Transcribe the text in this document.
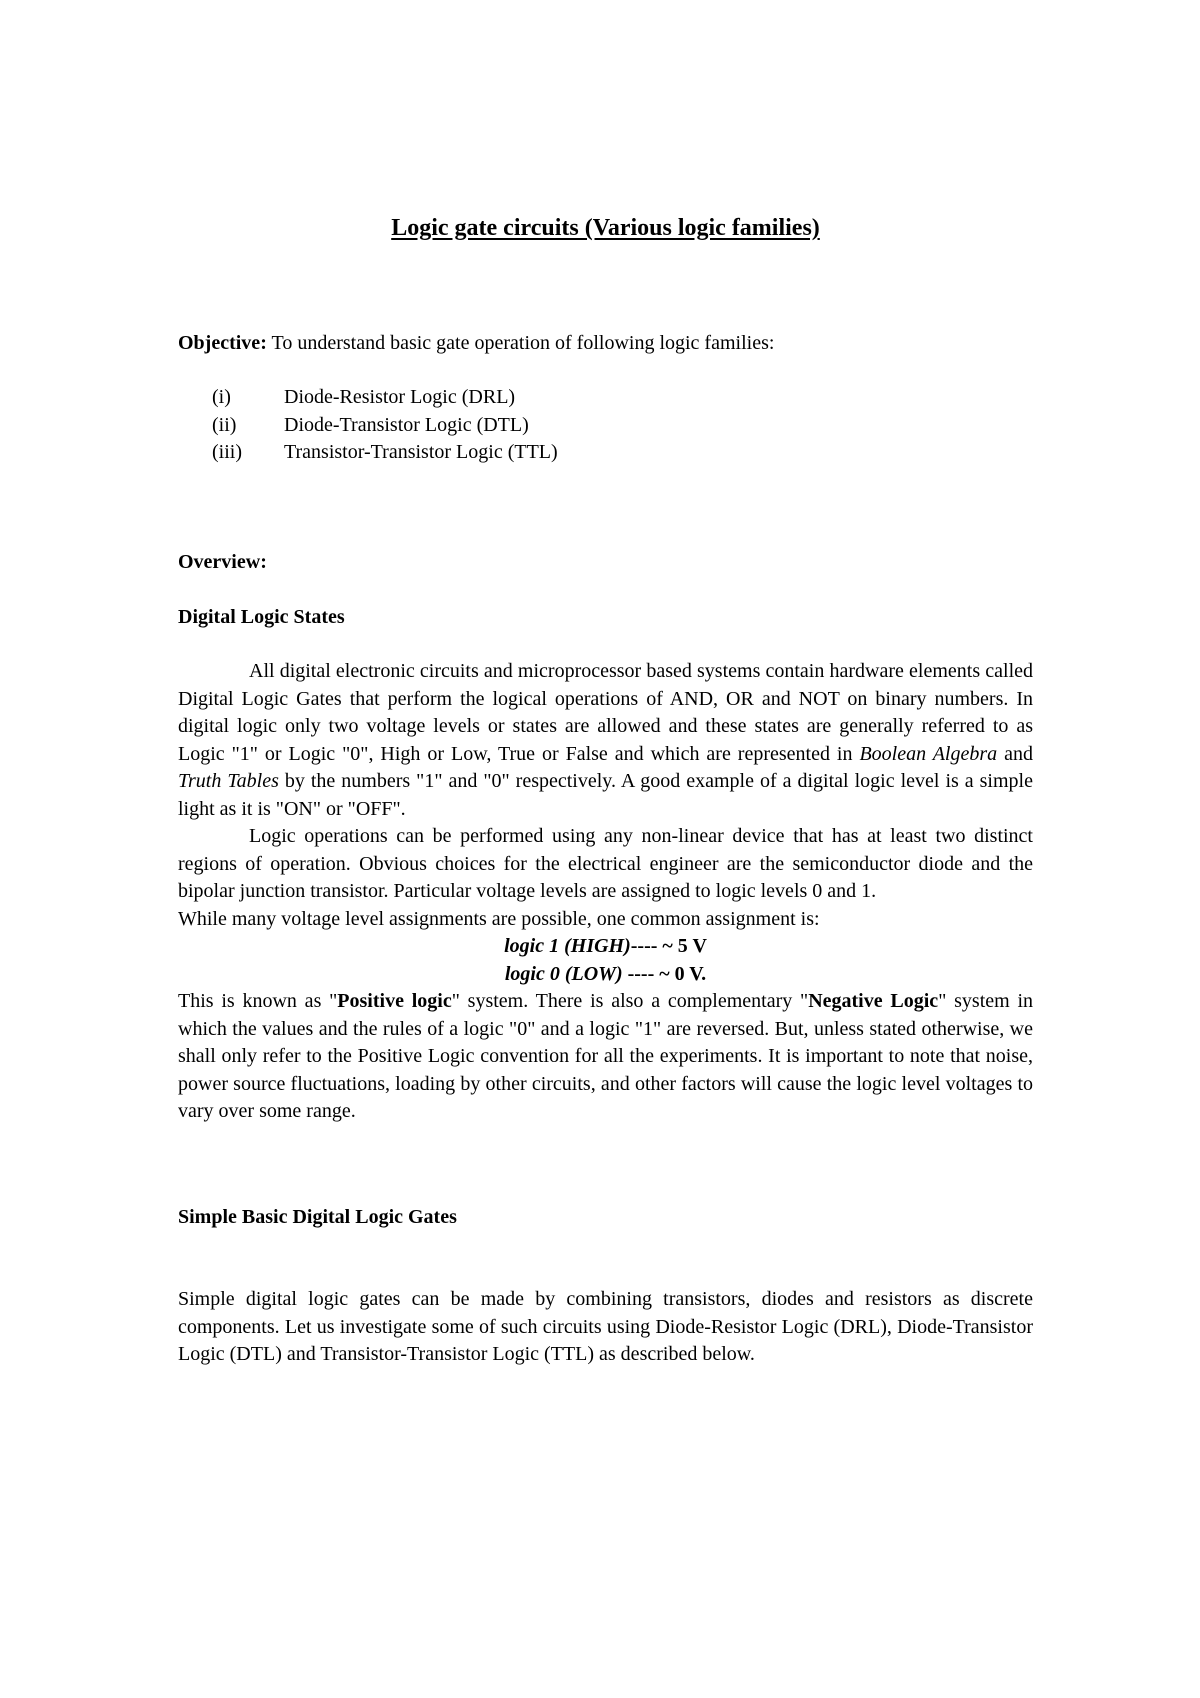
Logic gate circuits (Various logic families)
Objective: To understand basic gate operation of following logic families:
(i)	Diode-Resistor Logic (DRL)
(ii)	Diode-Transistor Logic (DTL)
(iii)	Transistor-Transistor Logic (TTL)
Overview:
Digital Logic States

All digital electronic circuits and microprocessor based systems contain hardware elements called Digital Logic Gates that perform the logical operations of AND, OR and NOT on binary numbers. In digital logic only two voltage levels or states are allowed and these states are generally referred to as Logic "1" or Logic "0", High or Low, True or False and which are represented in Boolean Algebra and Truth Tables by the numbers "1" and "0" respectively. A good example of a digital logic level is a simple light as it is "ON" or "OFF".

Logic operations can be performed using any non-linear device that has at least two distinct regions of operation. Obvious choices for the electrical engineer are the semiconductor diode and the bipolar junction transistor. Particular voltage levels are assigned to logic levels 0 and 1.

While many voltage level assignments are possible, one common assignment is:

logic 1 (HIGH)---- ~ 5 V

logic 0 (LOW) ---- ~ 0 V.

This is known as "Positive logic" system. There is also a complementary "Negative Logic" system in which the values and the rules of a logic "0" and a logic "1" are reversed. But, unless stated otherwise, we shall only refer to the Positive Logic convention for all the experiments. It is important to note that noise, power source fluctuations, loading by other circuits, and other factors will cause the logic level voltages to vary over some range.

Simple Basic Digital Logic Gates

Simple digital logic gates can be made by combining transistors, diodes and resistors as discrete components. Let us investigate some of such circuits using Diode-Resistor Logic (DRL), Diode-Transistor Logic (DTL) and Transistor-Transistor Logic (TTL) as described below.
